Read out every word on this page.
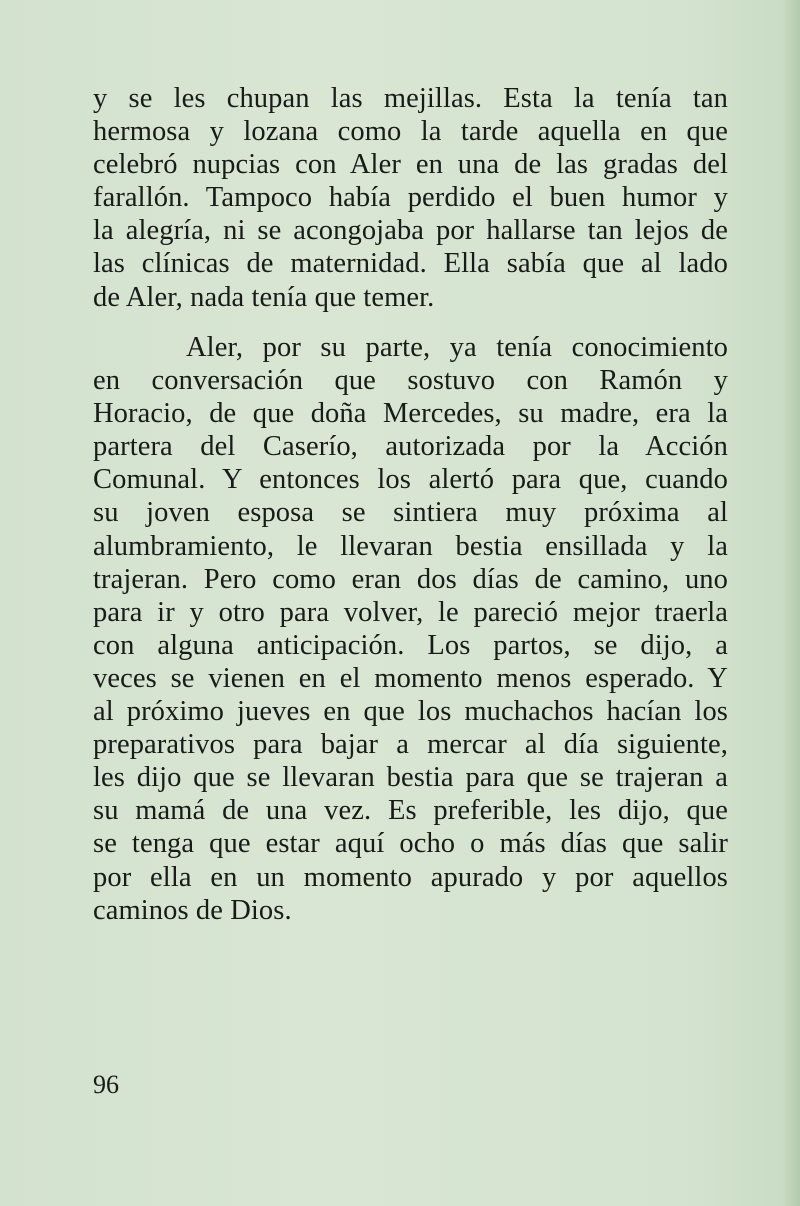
y se les chupan las mejillas. Esta la tenía tan
hermosa y lozana como la tarde aquella en que
celebró nupcias con Aler en una de las gradas del
farallón. Tampoco había perdido el buen humor y
la alegría, ni se acongojaba por hallarse tan lejos de
las clínicas de maternidad. Ella sabía que al lado
de Aler, nada tenía que temer.
Aler, por su parte, ya tenía conocimiento
en conversación que sostuvo con Ramón y
Horacio, de que doña Mercedes, su madre, era la
partera del Caserío, autorizada por la Acción
Comunal. Y entonces los alertó para que, cuando
su joven esposa se sintiera muy próxima al
alumbramiento, le llevaran bestia ensillada y la
trajeran. Pero como eran dos días de camino, uno
para ir y otro para volver, le pareció mejor traerla
con alguna anticipación. Los partos, se dijo, a
veces se vienen en el momento menos esperado. Y
al próximo jueves en que los muchachos hacían los
preparativos para bajar a mercar al día siguiente,
les dijo que se llevaran bestia para que se trajeran a
su mamá de una vez. Es preferible, les dijo, que
se tenga que estar aquí ocho o más días que salir
por ella en un momento apurado y por aquellos
caminos de Dios.
96
